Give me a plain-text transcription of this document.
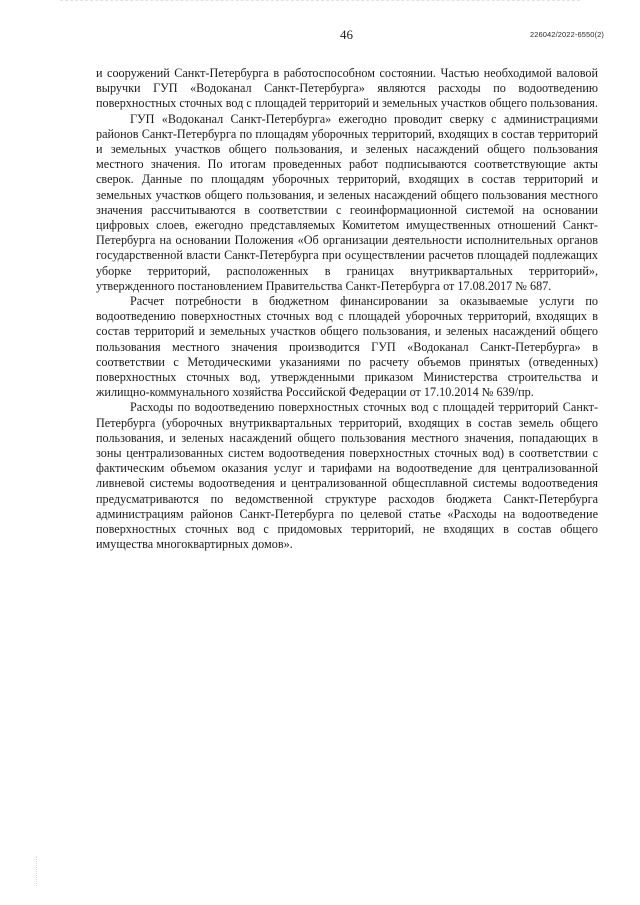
46	226042/2022-6550(2)

и сооружений Санкт-Петербурга в работоспособном состоянии. Частью необходимой валовой выручки ГУП «Водоканал Санкт-Петербурга» являются расходы по водоотведению поверхностных сточных вод с площадей территорий и земельных участков общего пользования.

ГУП «Водоканал Санкт-Петербурга» ежегодно проводит сверку с администрациями районов Санкт-Петербурга по площадям уборочных территорий, входящих в состав территорий и земельных участков общего пользования, и зеленых насаждений общего пользования местного значения. По итогам проведенных работ подписываются соответствующие акты сверок. Данные по площадям уборочных территорий, входящих в состав территорий и земельных участков общего пользования, и зеленых насаждений общего пользования местного значения рассчитываются в соответствии с геоинформационной системой на основании цифровых слоев, ежегодно представляемых Комитетом имущественных отношений Санкт-Петербурга на основании Положения «Об организации деятельности исполнительных органов государственной власти Санкт-Петербурга при осуществлении расчетов площадей подлежащих уборке территорий, расположенных в границах внутриквартальных территорий», утвержденного постановлением Правительства Санкт-Петербурга от 17.08.2017 № 687.

Расчет потребности в бюджетном финансировании за оказываемые услуги по водоотведению поверхностных сточных вод с площадей уборочных территорий, входящих в состав территорий и земельных участков общего пользования, и зеленых насаждений общего пользования местного значения производится ГУП «Водоканал Санкт-Петербурга» в соответствии с Методическими указаниями по расчету объемов принятых (отведенных) поверхностных сточных вод, утвержденными приказом Министерства строительства и жилищно-коммунального хозяйства Российской Федерации от 17.10.2014 № 639/пр.

Расходы по водоотведению поверхностных сточных вод с площадей территорий Санкт-Петербурга (уборочных внутриквартальных территорий, входящих в состав земель общего пользования, и зеленых насаждений общего пользования местного значения, попадающих в зоны централизованных систем водоотведения поверхностных сточных вод) в соответствии с фактическим объемом оказания услуг и тарифами на водоотведение для централизованной ливневой системы водоотведения и централизованной общесплавной системы водоотведения предусматриваются по ведомственной структуре расходов бюджета Санкт-Петербурга администрациям районов Санкт-Петербурга по целевой статье «Расходы на водоотведение поверхностных сточных вод с придомовых территорий, не входящих в состав общего имущества многоквартирных домов».
